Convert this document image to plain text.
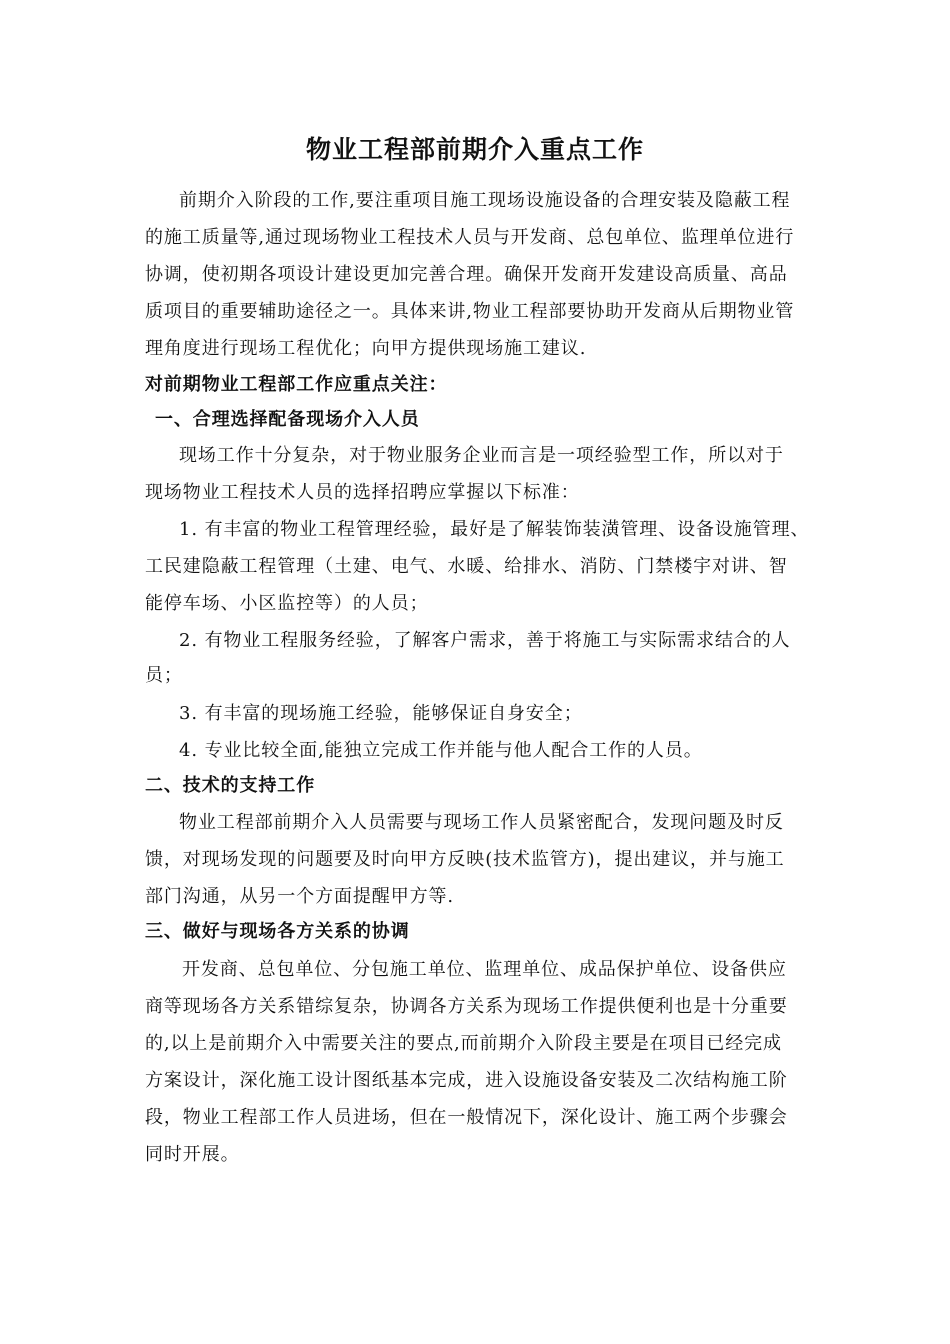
物业工程部前期介入重点工作
前期介入阶段的工作,要注重项目施工现场设施设备的合理安装及隐蔽工程
的施工质量等,通过现场物业工程技术人员与开发商、总包单位、监理单位进行
协调，使初期各项设计建设更加完善合理。确保开发商开发建设高质量、高品
质项目的重要辅助途径之一。具体来讲,物业工程部要协助开发商从后期物业管
理角度进行现场工程优化；向甲方提供现场施工建议.
对前期物业工程部工作应重点关注：
一、合理选择配备现场介入人员
现场工作十分复杂，对于物业服务企业而言是一项经验型工作，所以对于
现场物业工程技术人员的选择招聘应掌握以下标准：
1. 有丰富的物业工程管理经验，最好是了解装饰装潢管理、设备设施管理、
工民建隐蔽工程管理（土建、电气、水暖、给排水、消防、门禁楼宇对讲、智
能停车场、小区监控等）的人员；
2. 有物业工程服务经验，了解客户需求，善于将施工与实际需求结合的人
员；
3. 有丰富的现场施工经验，能够保证自身安全；
4. 专业比较全面,能独立完成工作并能与他人配合工作的人员。
二、技术的支持工作
物业工程部前期介入人员需要与现场工作人员紧密配合，发现问题及时反
馈，对现场发现的问题要及时向甲方反映(技术监管方)，提出建议，并与施工
部门沟通，从另一个方面提醒甲方等.
三、做好与现场各方关系的协调
开发商、总包单位、分包施工单位、监理单位、成品保护单位、设备供应
商等现场各方关系错综复杂，协调各方关系为现场工作提供便利也是十分重要
的,以上是前期介入中需要关注的要点,而前期介入阶段主要是在项目已经完成
方案设计，深化施工设计图纸基本完成，进入设施设备安装及二次结构施工阶
段，物业工程部工作人员进场，但在一般情况下，深化设计、施工两个步骤会
同时开展。
